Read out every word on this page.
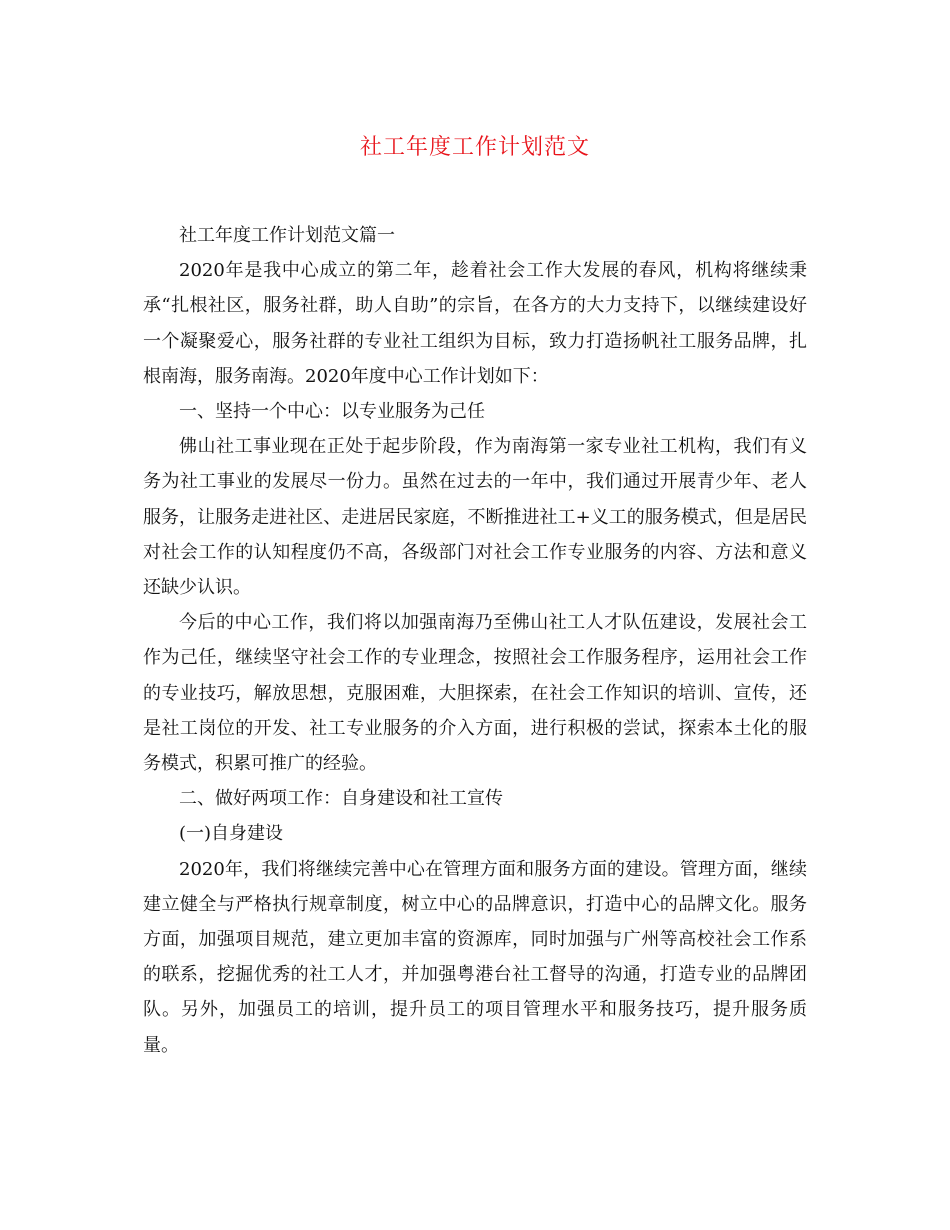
社工年度工作计划范文

社工年度工作计划范文篇一

2020年是我中心成立的第二年，趁着社会工作大发展的春风，机构将继续秉承“扎根社区，服务社群，助人自助”的宗旨，在各方的大力支持下，以继续建设好一个凝聚爱心，服务社群的专业社工组织为目标，致力打造扬帆社工服务品牌，扎根南海，服务南海。2020年度中心工作计划如下：

一、坚持一个中心：以专业服务为己任

佛山社工事业现在正处于起步阶段，作为南海第一家专业社工机构，我们有义务为社工事业的发展尽一份力。虽然在过去的一年中，我们通过开展青少年、老人服务，让服务走进社区、走进居民家庭，不断推进社工+义工的服务模式，但是居民对社会工作的认知程度仍不高，各级部门对社会工作专业服务的内容、方法和意义还缺少认识。

今后的中心工作，我们将以加强南海乃至佛山社工人才队伍建设，发展社会工作为己任，继续坚守社会工作的专业理念，按照社会工作服务程序，运用社会工作的专业技巧，解放思想，克服困难，大胆探索，在社会工作知识的培训、宣传，还是社工岗位的开发、社工专业服务的介入方面，进行积极的尝试，探索本土化的服务模式，积累可推广的经验。

二、做好两项工作：自身建设和社工宣传

(一)自身建设

2020年，我们将继续完善中心在管理方面和服务方面的建设。管理方面，继续建立健全与严格执行规章制度，树立中心的品牌意识，打造中心的品牌文化。服务方面，加强项目规范，建立更加丰富的资源库，同时加强与广州等高校社会工作系的联系，挖掘优秀的社工人才，并加强粤港台社工督导的沟通，打造专业的品牌团队。另外，加强员工的培训，提升员工的项目管理水平和服务技巧，提升服务质量。
